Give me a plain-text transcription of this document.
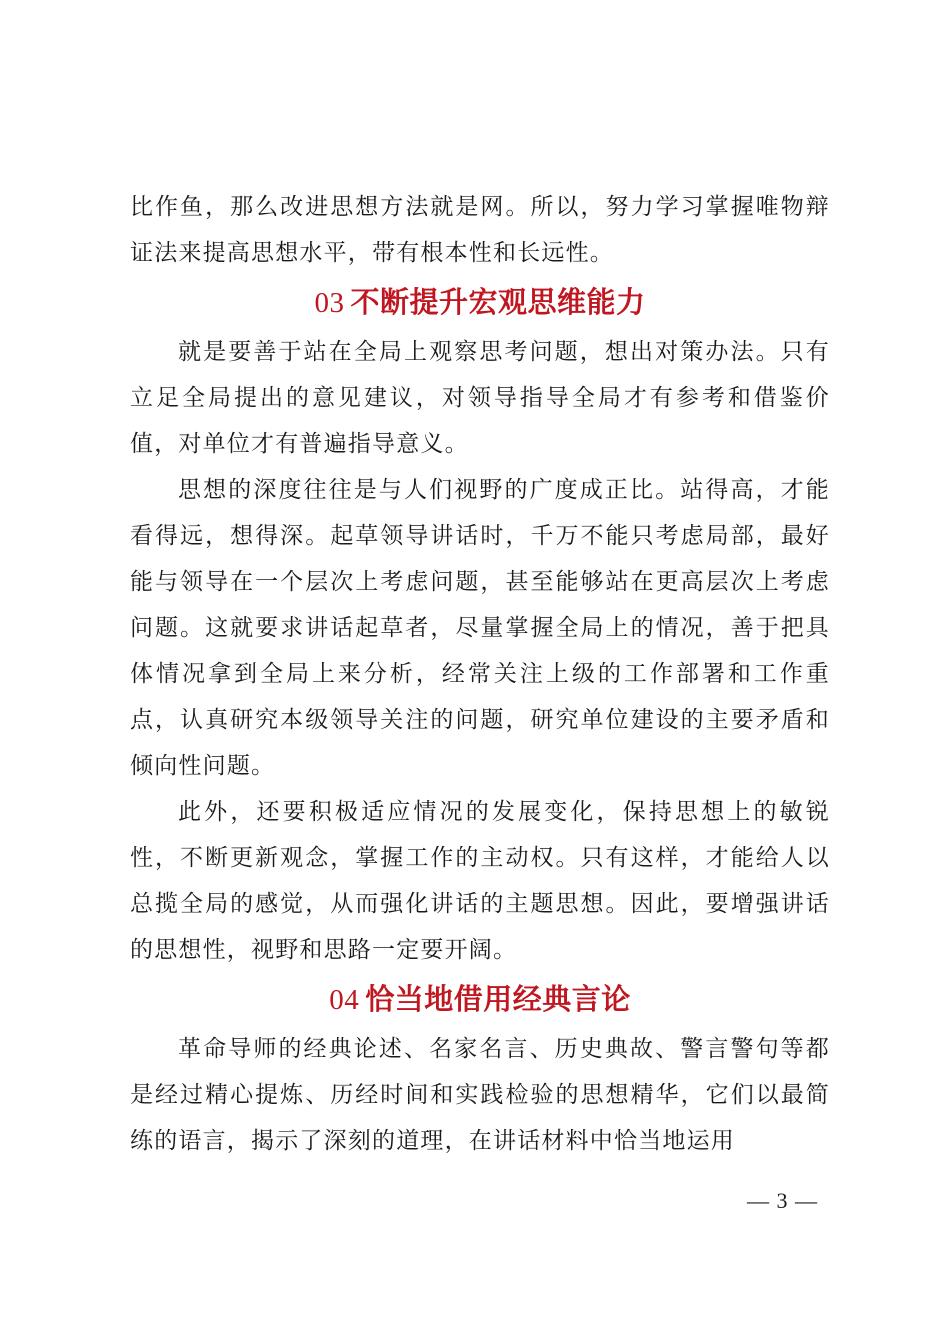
比作鱼，那么改进思想方法就是网。所以，努力学习掌握唯物辩证法来提高思想水平，带有根本性和长远性。

03 不断提升宏观思维能力

就是要善于站在全局上观察思考问题，想出对策办法。只有立足全局提出的意见建议，对领导指导全局才有参考和借鉴价值，对单位才有普遍指导意义。

思想的深度往往是与人们视野的广度成正比。站得高，才能看得远，想得深。起草领导讲话时，千万不能只考虑局部，最好能与领导在一个层次上考虑问题，甚至能够站在更高层次上考虑问题。这就要求讲话起草者，尽量掌握全局上的情况，善于把具体情况拿到全局上来分析，经常关注上级的工作部署和工作重点，认真研究本级领导关注的问题，研究单位建设的主要矛盾和倾向性问题。

此外，还要积极适应情况的发展变化，保持思想上的敏锐性，不断更新观念，掌握工作的主动权。只有这样，才能给人以总揽全局的感觉，从而强化讲话的主题思想。因此，要增强讲话的思想性，视野和思路一定要开阔。

04 恰当地借用经典言论

革命导师的经典论述、名家名言、历史典故、警言警句等都是经过精心提炼、历经时间和实践检验的思想精华，它们以最简练的语言，揭示了深刻的道理，在讲话材料中恰当地运用

— 3 —
